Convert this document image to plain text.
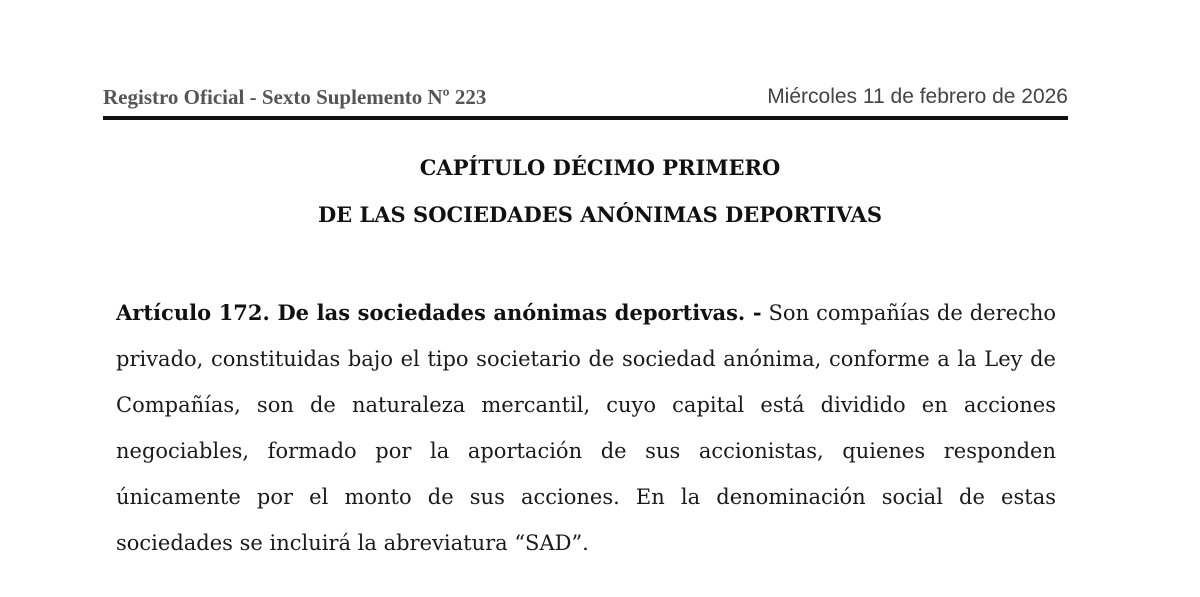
Registro Oficial - Sexto Suplemento Nº 223	Miércoles 11 de febrero de 2026
CAPÍTULO DÉCIMO PRIMERO
DE LAS SOCIEDADES ANÓNIMAS DEPORTIVAS
Artículo 172. De las sociedades anónimas deportivas. - Son compañías de derecho
privado, constituidas bajo el tipo societario de sociedad anónima, conforme a la Ley de
Compañías, son de naturaleza mercantil, cuyo capital está dividido en acciones
negociables, formado por la aportación de sus accionistas, quienes responden
únicamente por el monto de sus acciones. En la denominación social de estas
sociedades se incluirá la abreviatura “SAD”.
